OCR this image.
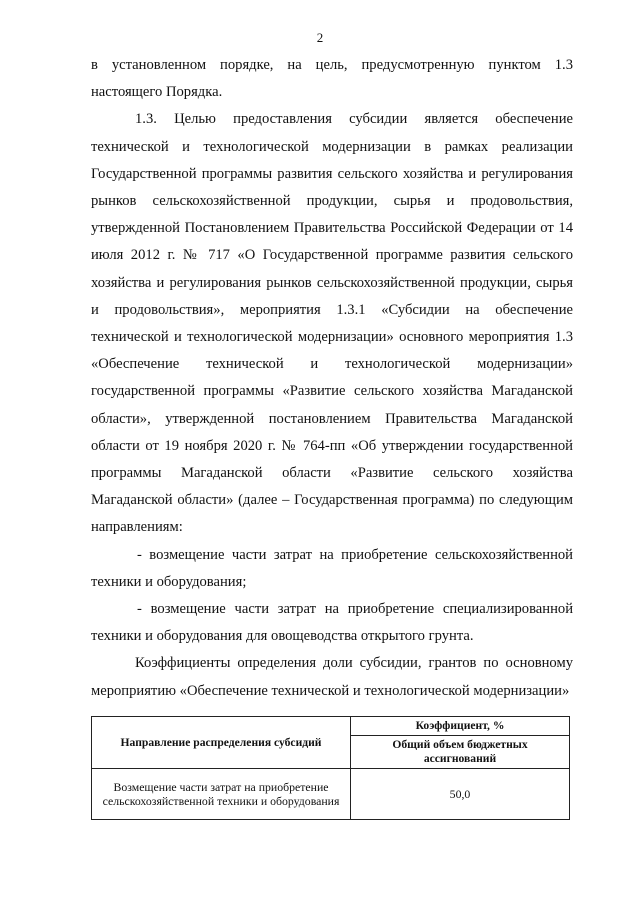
2

в установленном порядке, на цель, предусмотренную пунктом 1.3 настоящего Порядка.

1.3. Целью предоставления субсидии является обеспечение технической и технологической модернизации в рамках реализации Государственной программы развития сельского хозяйства и регулирования рынков сельскохозяйственной продукции, сырья и продовольствия, утвержденной Постановлением Правительства Российской Федерации от 14 июля 2012 г. № 717 «О Государственной программе развития сельского хозяйства и регулирования рынков сельскохозяйственной продукции, сырья и продовольствия», мероприятия 1.3.1 «Субсидии на обеспечение технической и технологической модернизации» основного мероприятия 1.3 «Обеспечение технической и технологической модернизации» государственной программы «Развитие сельского хозяйства Магаданской области», утвержденной постановлением Правительства Магаданской области от 19 ноября 2020 г. № 764-пп «Об утверждении государственной программы Магаданской области «Развитие сельского хозяйства Магаданской области» (далее – Государственная программа) по следующим направлениям:

- возмещение части затрат на приобретение сельскохозяйственной техники и оборудования;

- возмещение части затрат на приобретение специализированной техники и оборудования для овощеводства открытого грунта.

Коэффициенты определения доли субсидии, грантов по основному мероприятию «Обеспечение технической и технологической модернизации»

Направление распределения субсидий	Коэффициент, %
	Общий объем бюджетных ассигнований
Возмещение части затрат на приобретение сельскохозяйственной техники и оборудования	50,0
